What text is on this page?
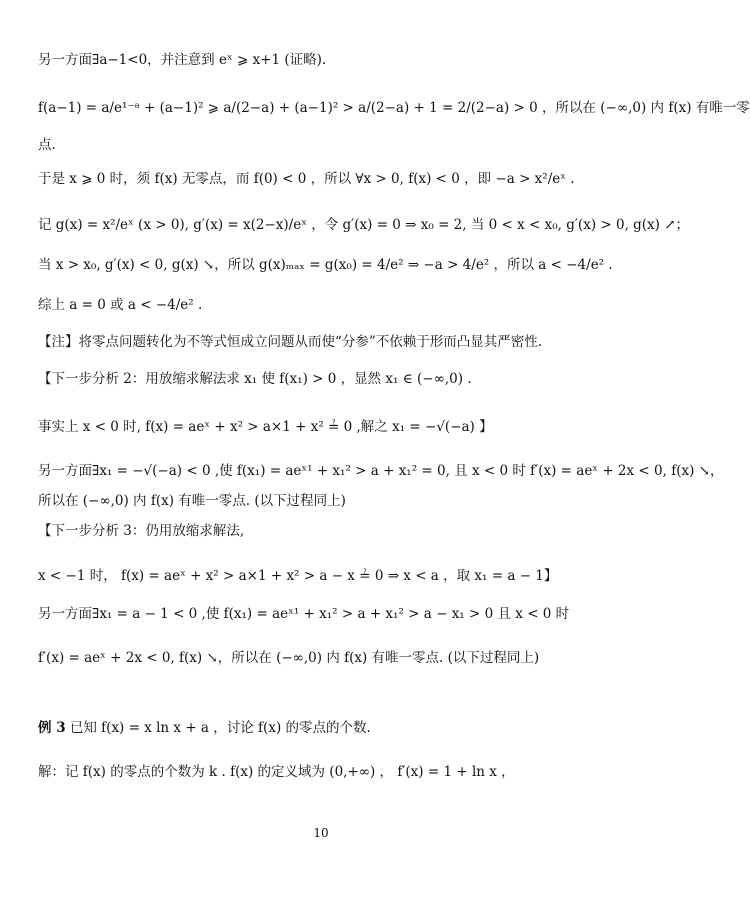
另一方面∃a−1<0，并注意到 eˣ ⩾ x+1 (证略).
f(a−1) = a/e¹⁻ᵃ + (a−1)² ⩾ a/(2−a) + (a−1)² > a/(2−a) + 1 = 2/(2−a) > 0 ，所以在 (−∞,0) 内 f(x) 有唯一零
点.
于是 x ⩾ 0 时，须 f(x) 无零点，而 f(0) < 0 ，所以 ∀x > 0, f(x) < 0 ，即 −a > x²/eˣ .
记 g(x) = x²/eˣ (x > 0), g′(x) = x(2−x)/eˣ ，令 g′(x) = 0 ⇒ x₀ = 2, 当 0 < x < x₀, g′(x) > 0, g(x) ↗；
当 x > x₀, g′(x) < 0, g(x) ↘，所以 g(x)ₘₐₓ = g(x₀) = 4/e² ⇒ −a > 4/e² ，所以 a < −4/e² .
综上 a = 0 或 a < −4/e² .
【注】将零点问题转化为不等式恒成立问题从而使“分参”不依赖于形而凸显其严密性.
【下一步分析 2：用放缩求解法求 x₁ 使 f(x₁) > 0 ，显然 x₁ ∈ (−∞,0) .
事实上 x < 0 时, f(x) = aeˣ + x² > a×1 + x² ≟ 0 ,解之 x₁ = −√(−a) 】
另一方面∃x₁ = −√(−a) < 0 ,使 f(x₁) = aeˣ¹ + x₁² > a + x₁² = 0, 且 x < 0 时 f′(x) = aeˣ + 2x < 0, f(x) ↘，
所以在 (−∞,0) 内 f(x) 有唯一零点. (以下过程同上)
【下一步分析 3：仍用放缩求解法,
x < −1 时， f(x) = aeˣ + x² > a×1 + x² > a − x ≟ 0 ⇒ x < a ，取 x₁ = a − 1】
另一方面∃x₁ = a − 1 < 0 ,使 f(x₁) = aeˣ¹ + x₁² > a + x₁² > a − x₁ > 0 且 x < 0 时
f′(x) = aeˣ + 2x < 0, f(x) ↘，所以在 (−∞,0) 内 f(x) 有唯一零点. (以下过程同上)
例 3 已知 f(x) = x ln x + a ，讨论 f(x) 的零点的个数.
解：记 f(x) 的零点的个数为 k . f(x) 的定义域为 (0,+∞) ， f′(x) = 1 + ln x ，
10
